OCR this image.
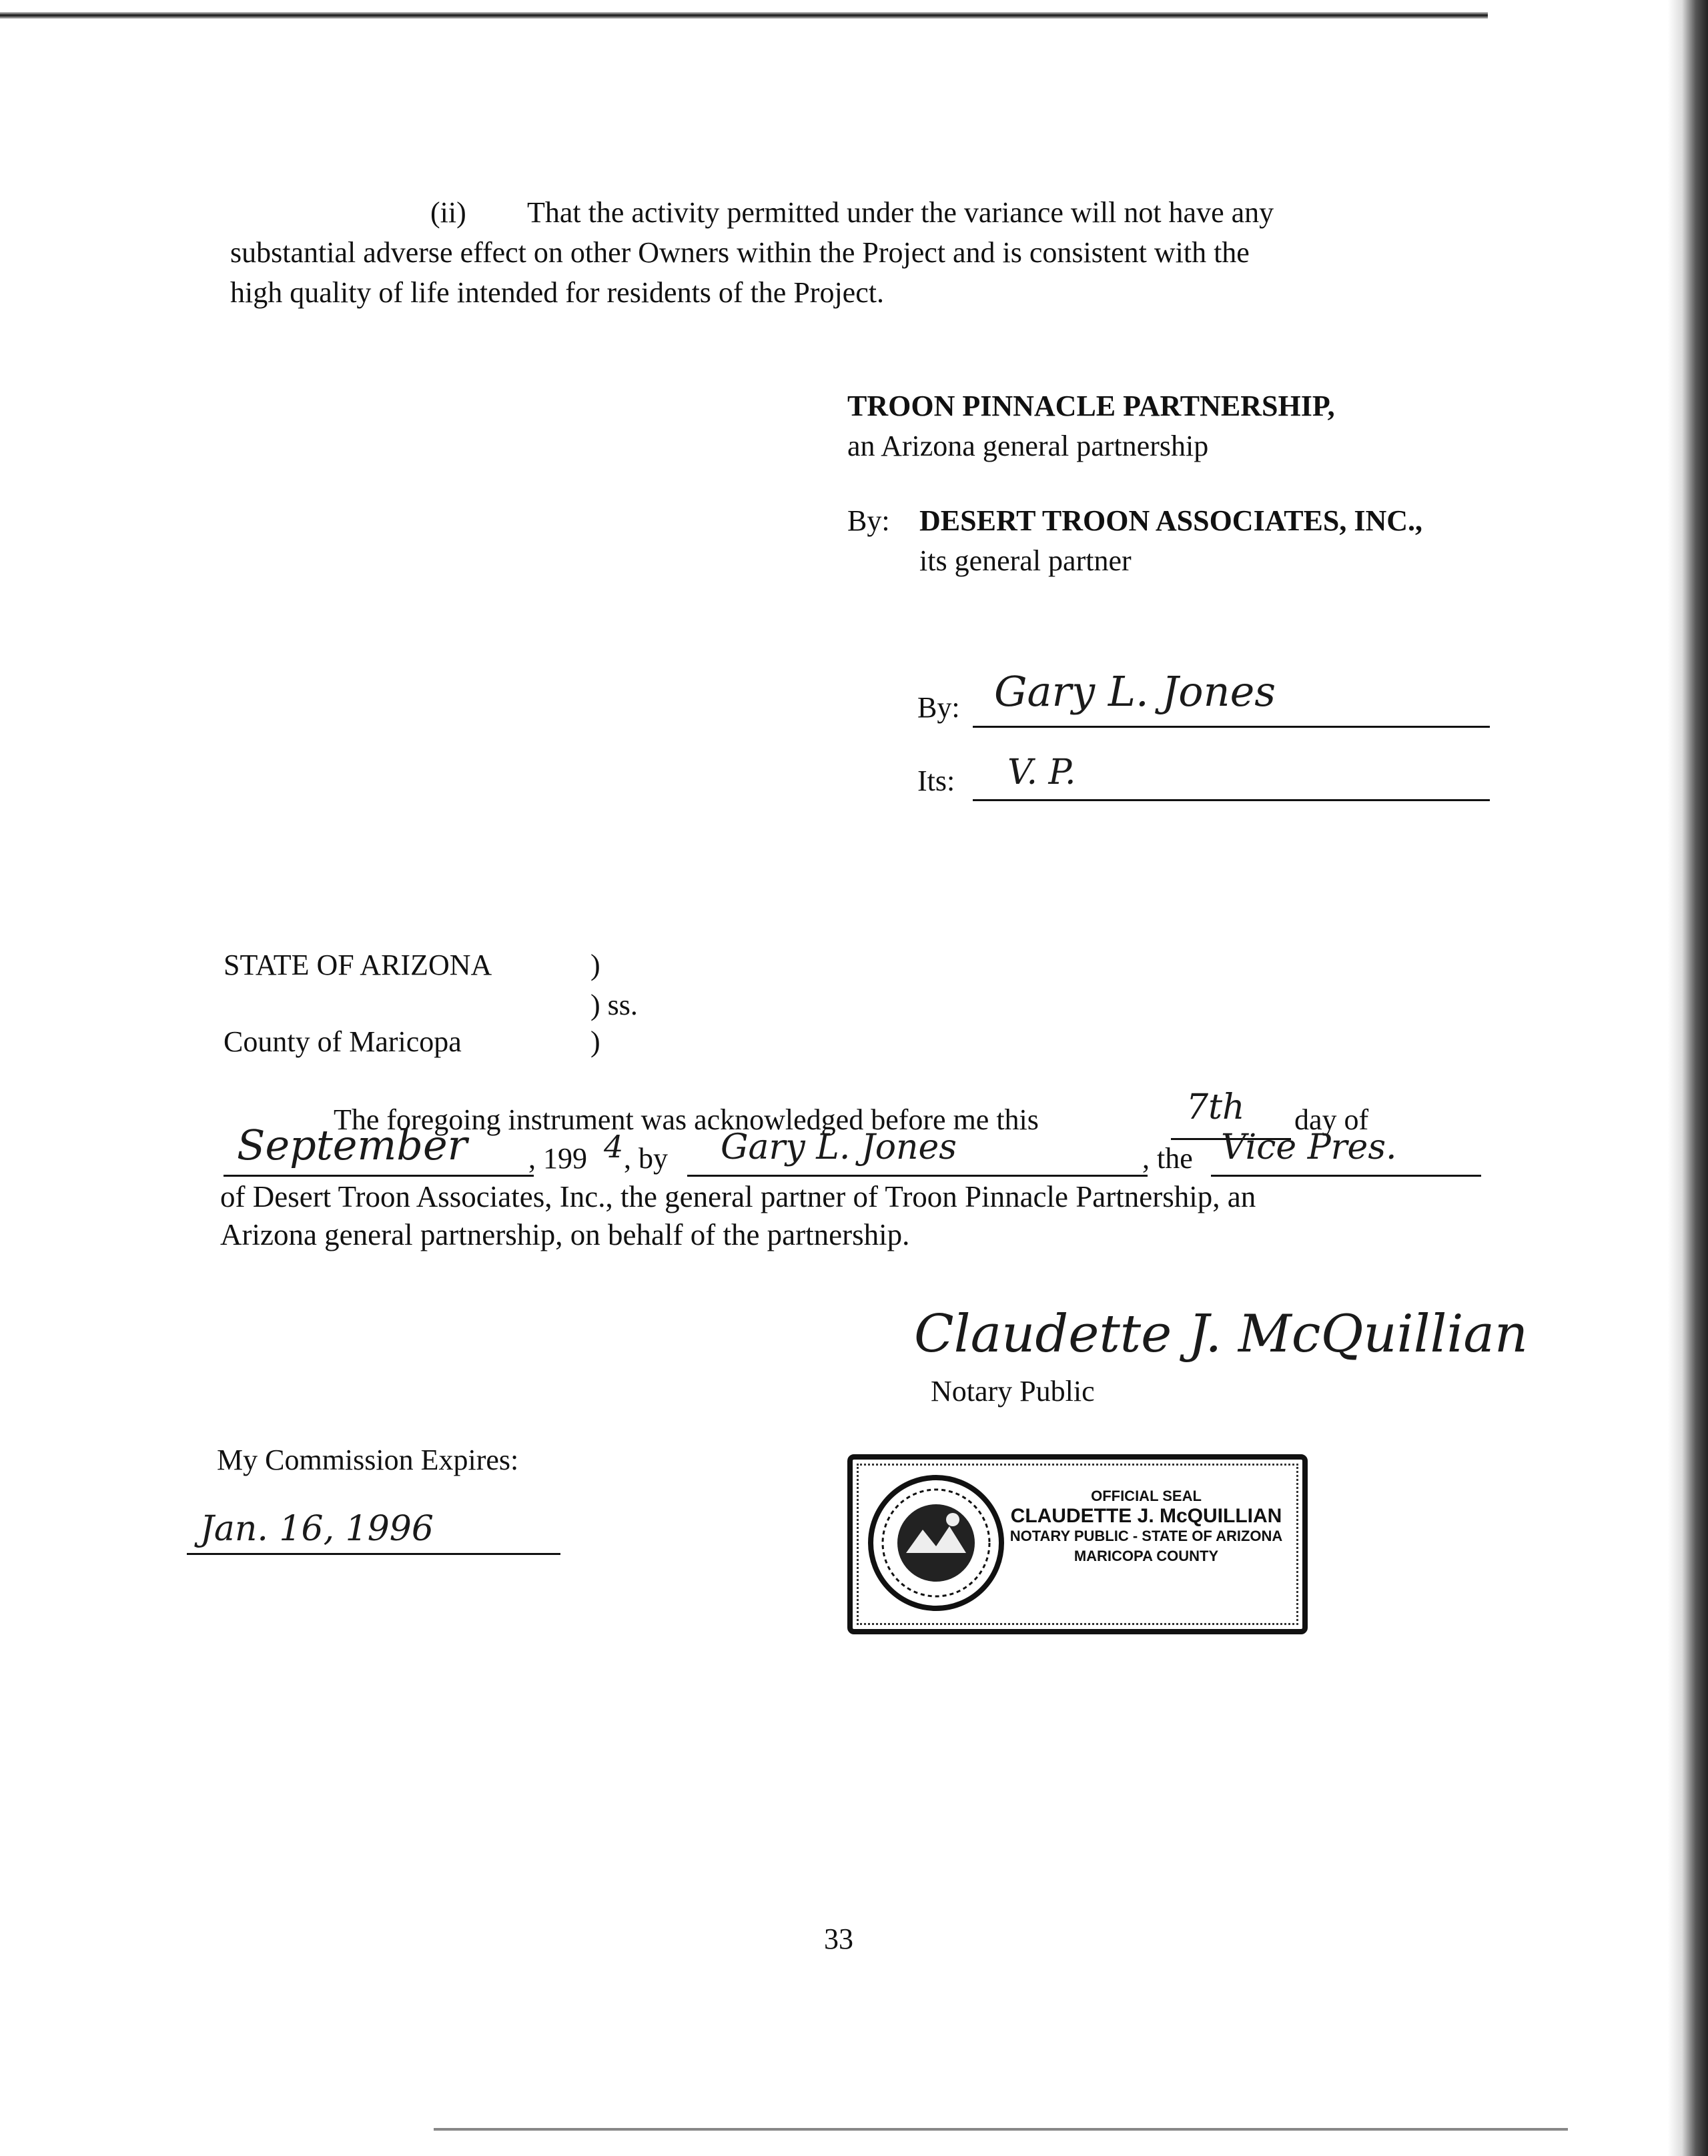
(ii) That the activity permitted under the variance will not have any
substantial adverse effect on other Owners within the Project and is consistent with the
high quality of life intended for residents of the Project.
TROON PINNACLE PARTNERSHIP,
an Arizona general partnership
By: DESERT TROON ASSOCIATES, INC.,
its general partner
By: Gary L. Jones
Its: V. P.
STATE OF ARIZONA	)
) ss.
County of Maricopa	)
The foregoing instrument was acknowledged before me this	7th day of
September , 199 4 , by Gary L. Jones	, the Vice Pres.
of Desert Troon Associates, Inc., the general partner of Troon Pinnacle Partnership, an
Arizona general partnership, on behalf of the partnership.
Claudette J. McQuillian
Notary Public
My Commission Expires:
Jan. 16, 1996
OFFICIAL SEAL
CLAUDETTE J. McQUILLIAN
NOTARY PUBLIC - STATE OF ARIZONA
MARICOPA COUNTY
33
